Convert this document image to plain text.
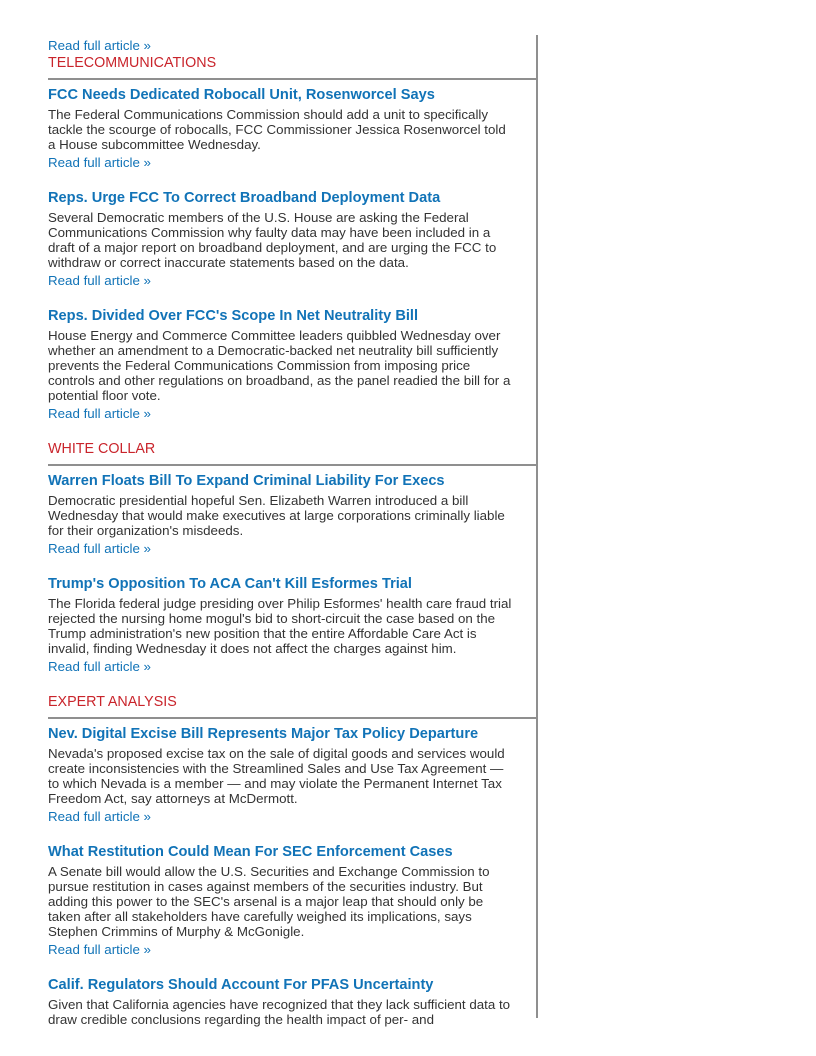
Read full article »
TELECOMMUNICATIONS
FCC Needs Dedicated Robocall Unit, Rosenworcel Says

The Federal Communications Commission should add a unit to specifically tackle the scourge of robocalls, FCC Commissioner Jessica Rosenworcel told a House subcommittee Wednesday.

Read full article »
Reps. Urge FCC To Correct Broadband Deployment Data

Several Democratic members of the U.S. House are asking the Federal Communications Commission why faulty data may have been included in a draft of a major report on broadband deployment, and are urging the FCC to withdraw or correct inaccurate statements based on the data.

Read full article »
Reps. Divided Over FCC's Scope In Net Neutrality Bill

House Energy and Commerce Committee leaders quibbled Wednesday over whether an amendment to a Democratic-backed net neutrality bill sufficiently prevents the Federal Communications Commission from imposing price controls and other regulations on broadband, as the panel readied the bill for a potential floor vote.

Read full article »
WHITE COLLAR
Warren Floats Bill To Expand Criminal Liability For Execs

Democratic presidential hopeful Sen. Elizabeth Warren introduced a bill Wednesday that would make executives at large corporations criminally liable for their organization's misdeeds.

Read full article »
Trump's Opposition To ACA Can't Kill Esformes Trial

The Florida federal judge presiding over Philip Esformes' health care fraud trial rejected the nursing home mogul's bid to short-circuit the case based on the Trump administration's new position that the entire Affordable Care Act is invalid, finding Wednesday it does not affect the charges against him.

Read full article »
EXPERT ANALYSIS
Nev. Digital Excise Bill Represents Major Tax Policy Departure

Nevada's proposed excise tax on the sale of digital goods and services would create inconsistencies with the Streamlined Sales and Use Tax Agreement — to which Nevada is a member — and may violate the Permanent Internet Tax Freedom Act, say attorneys at McDermott.

Read full article »
What Restitution Could Mean For SEC Enforcement Cases

A Senate bill would allow the U.S. Securities and Exchange Commission to pursue restitution in cases against members of the securities industry. But adding this power to the SEC's arsenal is a major leap that should only be taken after all stakeholders have carefully weighed its implications, says Stephen Crimmins of Murphy & McGonigle.

Read full article »
Calif. Regulators Should Account For PFAS Uncertainty

Given that California agencies have recognized that they lack sufficient data to draw credible conclusions regarding the health impact of per- and
